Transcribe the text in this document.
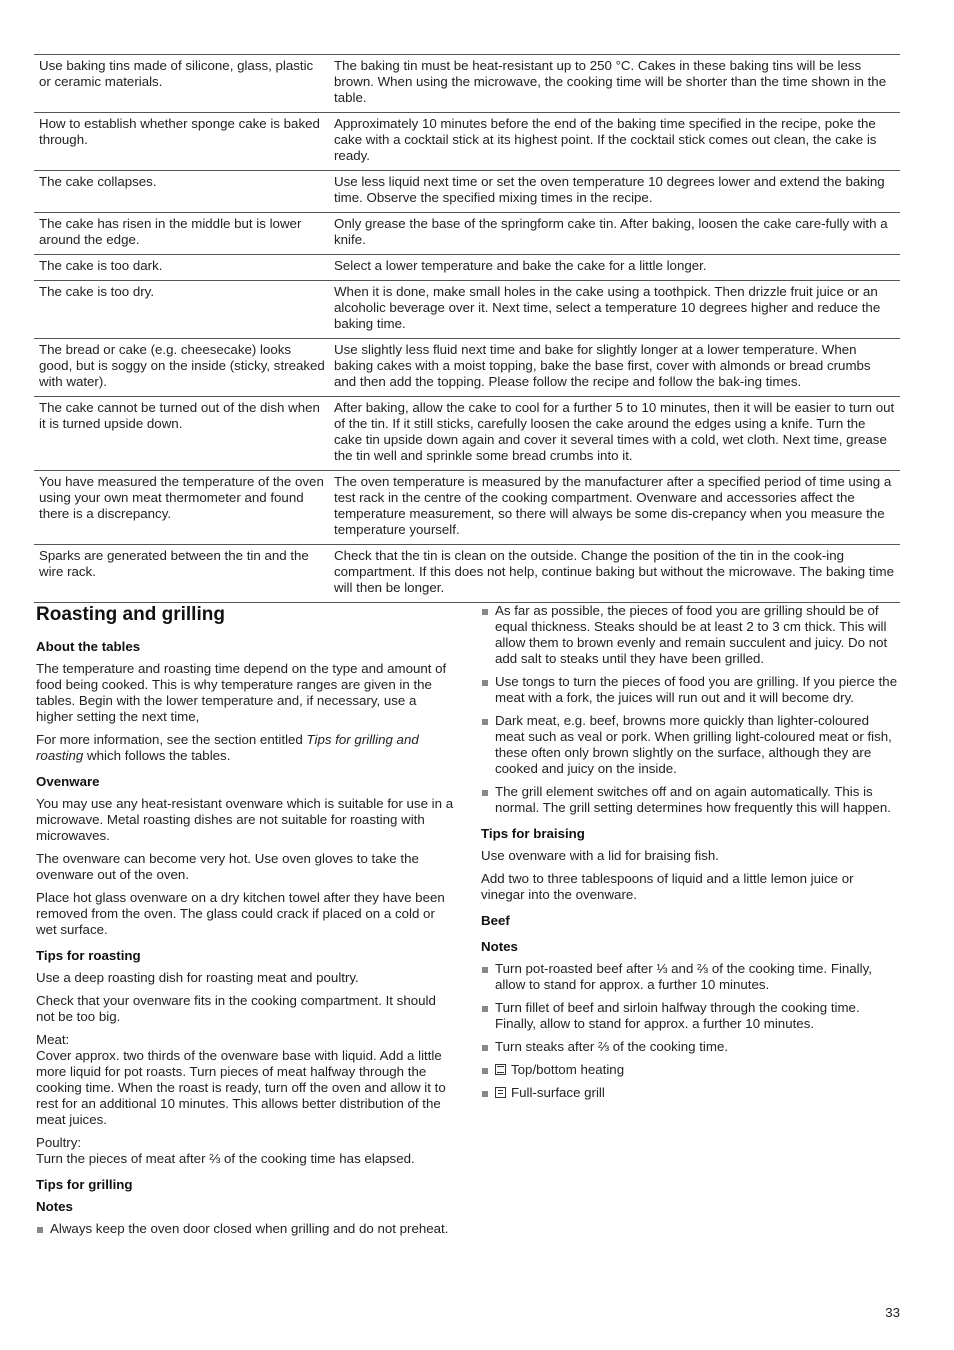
Use baking tins made of silicone, glass, plastic or ceramic materials.	The baking tin must be heat-resistant up to 250 °C. Cakes in these baking tins will be less brown. When using the microwave, the cooking time will be shorter than the time shown in the table.
How to establish whether sponge cake is baked through.	Approximately 10 minutes before the end of the baking time specified in the recipe, poke the cake with a cocktail stick at its highest point. If the cocktail stick comes out clean, the cake is ready.
The cake collapses.	Use less liquid next time or set the oven temperature 10 degrees lower and extend the baking time. Observe the specified mixing times in the recipe.
The cake has risen in the middle but is lower around the edge.	Only grease the base of the springform cake tin. After baking, loosen the cake care-fully with a knife.
The cake is too dark.	Select a lower temperature and bake the cake for a little longer.
The cake is too dry.	When it is done, make small holes in the cake using a toothpick. Then drizzle fruit juice or an alcoholic beverage over it. Next time, select a temperature 10 degrees higher and reduce the baking time.
The bread or cake (e.g. cheesecake) looks good, but is soggy on the inside (sticky, streaked with water).	Use slightly less fluid next time and bake for slightly longer at a lower temperature. When baking cakes with a moist topping, bake the base first, cover with almonds or bread crumbs and then add the topping. Please follow the recipe and follow the bak-ing times.
The cake cannot be turned out of the dish when it is turned upside down.	After baking, allow the cake to cool for a further 5 to 10 minutes, then it will be easier to turn out of the tin. If it still sticks, carefully loosen the cake around the edges using a knife. Turn the cake tin upside down again and cover it several times with a cold, wet cloth. Next time, grease the tin well and sprinkle some bread crumbs into it.
You have measured the temperature of the oven using your own meat thermometer and found there is a discrepancy.	The oven temperature is measured by the manufacturer after a specified period of time using a test rack in the centre of the cooking compartment. Ovenware and accessories affect the temperature measurement, so there will always be some dis-crepancy when you measure the temperature yourself.
Sparks are generated between the tin and the wire rack.	Check that the tin is clean on the outside. Change the position of the tin in the cook-ing compartment. If this does not help, continue baking but without the microwave. The baking time will then be longer.
Roasting and grilling
About the tables

The temperature and roasting time depend on the type and amount of food being cooked. This is why temperature ranges are given in the tables. Begin with the lower temperature and, if necessary, use a higher setting the next time,

For more information, see the section entitled Tips for grilling and roasting which follows the tables.

Ovenware

You may use any heat-resistant ovenware which is suitable for use in a microwave. Metal roasting dishes are not suitable for roasting with microwaves.

The ovenware can become very hot. Use oven gloves to take the ovenware out of the oven.

Place hot glass ovenware on a dry kitchen towel after they have been removed from the oven. The glass could crack if placed on a cold or wet surface.

Tips for roasting

Use a deep roasting dish for roasting meat and poultry.

Check that your ovenware fits in the cooking compartment. It should not be too big.

Meat:

Cover approx. two thirds of the ovenware base with liquid. Add a little more liquid for pot roasts. Turn pieces of meat halfway through the cooking time. When the roast is ready, turn off the oven and allow it to rest for an additional 10 minutes. This allows better distribution of the meat juices.

Poultry:

Turn the pieces of meat after ⅔ of the cooking time has elapsed.

Tips for grilling
Notes
Always keep the oven door closed when grilling and do not preheat.
As far as possible, the pieces of food you are grilling should be of equal thickness. Steaks should be at least 2 to 3 cm thick. This will allow them to brown evenly and remain succulent and juicy. Do not add salt to steaks until they have been grilled.
Use tongs to turn the pieces of food you are grilling. If you pierce the meat with a fork, the juices will run out and it will become dry.
Dark meat, e.g. beef, browns more quickly than lighter-coloured meat such as veal or pork. When grilling light-coloured meat or fish, these often only brown slightly on the surface, although they are cooked and juicy on the inside.
The grill element switches off and on again automatically. This is normal. The grill setting determines how frequently this will happen.
Tips for braising

Use ovenware with a lid for braising fish.

Add two to three tablespoons of liquid and a little lemon juice or vinegar into the ovenware.

Beef
Notes
Turn pot-roasted beef after ⅓ and ⅔ of the cooking time. Finally, allow to stand for approx. a further 10 minutes.
Turn fillet of beef and sirloin halfway through the cooking time. Finally, allow to stand for approx. a further 10 minutes.
Turn steaks after ⅔ of the cooking time.
Top/bottom heating
Full-surface grill
33
